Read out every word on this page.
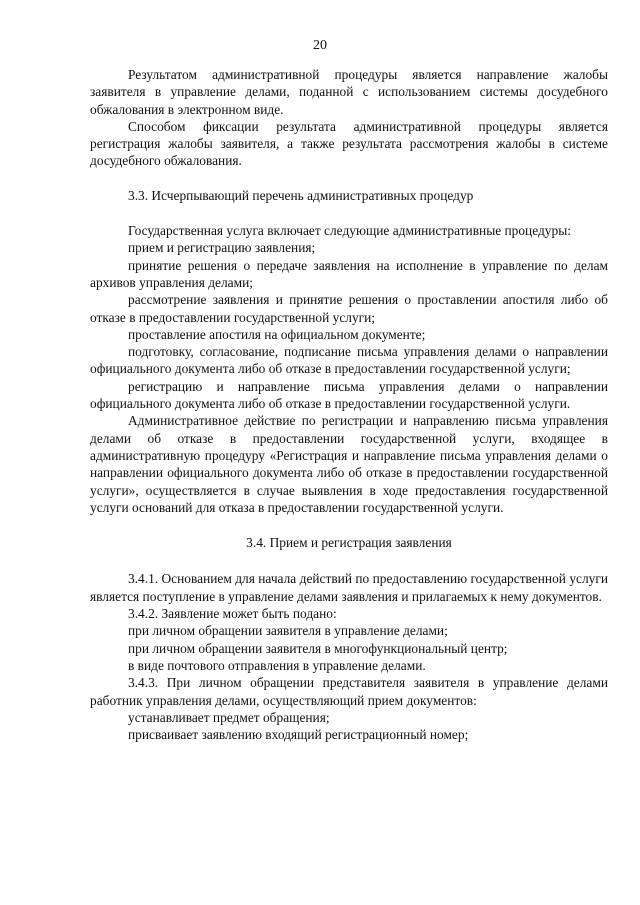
20

Результатом административной процедуры является направление жалобы заявителя в управление делами, поданной с использованием системы досудебного обжалования в электронном виде.

Способом фиксации результата административной процедуры является регистрация жалобы заявителя, а также результата рассмотрения жалобы в системе досудебного обжалования.

3.3. Исчерпывающий перечень административных процедур

Государственная услуга включает следующие административные процедуры:

прием и регистрацию заявления;

принятие решения о передаче заявления на исполнение в управление по делам архивов управления делами;

рассмотрение заявления и принятие решения о проставлении апостиля либо об отказе в предоставлении государственной услуги;

проставление апостиля на официальном документе;

подготовку, согласование, подписание письма управления делами о направлении официального документа либо об отказе в предоставлении государственной услуги;

регистрацию и направление письма управления делами о направлении официального документа либо об отказе в предоставлении государственной услуги.

Административное действие по регистрации и направлению письма управления делами об отказе в предоставлении государственной услуги, входящее в административную процедуру «Регистрация и направление письма управления делами о направлении официального документа либо об отказе в предоставлении государственной услуги», осуществляется в случае выявления в ходе предоставления государственной услуги оснований для отказа в предоставлении государственной услуги.

3.4. Прием и регистрация заявления

3.4.1. Основанием для начала действий по предоставлению государственной услуги является поступление в управление делами заявления и прилагаемых к нему документов.

3.4.2. Заявление может быть подано:

при личном обращении заявителя в управление делами;

при личном обращении заявителя в многофункциональный центр;

в виде почтового отправления в управление делами.

3.4.3. При личном обращении представителя заявителя в управление делами работник управления делами, осуществляющий прием документов:

устанавливает предмет обращения;

присваивает заявлению входящий регистрационный номер;
